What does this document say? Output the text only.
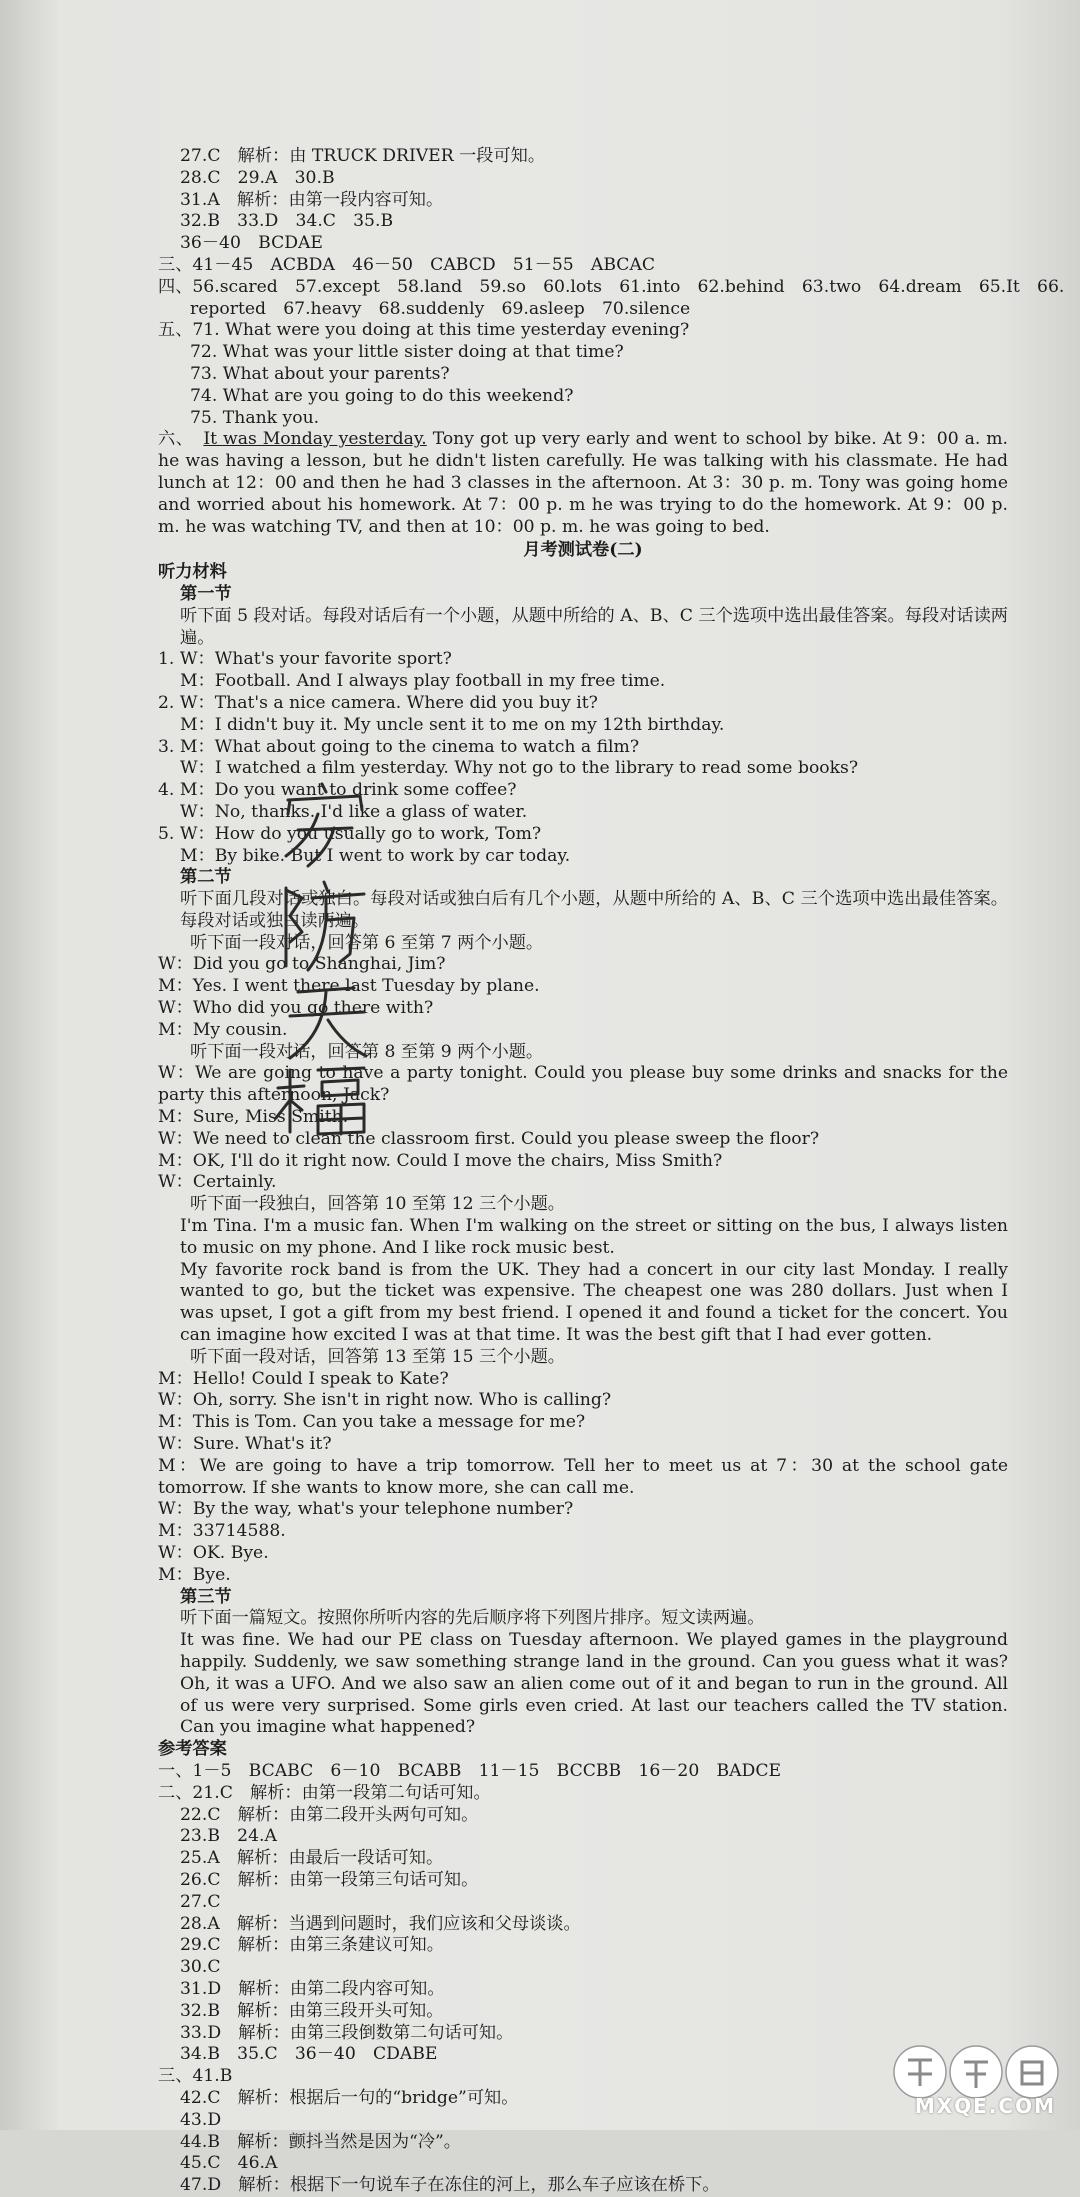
27.C　解析：由 TRUCK DRIVER 一段可知。
28.C　29.A　30.B
31.A　解析：由第一段内容可知。
32.B　33.D　34.C　35.B
36－40　BCDAE
三、41－45　ACBDA　46－50　CABCD　51－55　ABCAC
四、56.scared　57.except　58.land　59.so　60.lots　61.into　62.behind　63.two　64.dream　65.It　66.
reported　67.heavy　68.suddenly　69.asleep　70.silence
五、71. What were you doing at this time yesterday evening?
72. What was your little sister doing at that time?
73. What about your parents?
74. What are you going to do this weekend?
75. Thank you.
六、 It was Monday yesterday. Tony got up very early and went to school by bike. At 9：00 a. m. he was having a lesson, but he didn't listen carefully. He was talking with his classmate. He had lunch at 12：00 and then he had 3 classes in the afternoon. At 3：30 p. m. Tony was going home and worried about his homework. At 7：00 p. m he was trying to do the homework. At 9：00 p. m. he was watching TV, and then at 10：00 p. m. he was going to bed.
月考测试卷(二)
听力材料
第一节
听下面 5 段对话。每段对话后有一个小题，从题中所给的 A、B、C 三个选项中选出最佳答案。每段对话读两遍。
1. W：What's your favorite sport?
M：Football. And I always play football in my free time.
2. W：That's a nice camera. Where did you buy it?
M：I didn't buy it. My uncle sent it to me on my 12th birthday.
3. M：What about going to the cinema to watch a film?
W：I watched a film yesterday. Why not go to the library to read some books?
4. M：Do you want to drink some coffee?
W：No, thanks. I'd like a glass of water.
5. W：How do you usually go to work, Tom?
M：By bike. But I went to work by car today.
第二节
听下面几段对话或独白。每段对话或独白后有几个小题，从题中所给的 A、B、C 三个选项中选出最佳答案。每段对话或独白读两遍。
听下面一段对话，回答第 6 至第 7 两个小题。
W：Did you go to Shanghai, Jim?
M：Yes. I went there last Tuesday by plane.
W：Who did you go there with?
M：My cousin.
听下面一段对话，回答第 8 至第 9 两个小题。
W：We are going to have a party tonight. Could you please buy some drinks and snacks for the party this afternoon, Jack?
M：Sure, Miss Smith.
W：We need to clean the classroom first. Could you please sweep the floor?
M：OK, I'll do it right now. Could I move the chairs, Miss Smith?
W：Certainly.
听下面一段独白，回答第 10 至第 12 三个小题。
I'm Tina. I'm a music fan. When I'm walking on the street or sitting on the bus, I always listen to music on my phone. And I like rock music best.
My favorite rock band is from the UK. They had a concert in our city last Monday. I really wanted to go, but the ticket was expensive. The cheapest one was 280 dollars. Just when I was upset, I got a gift from my best friend. I opened it and found a ticket for the concert. You can imagine how excited I was at that time. It was the best gift that I had ever gotten.
听下面一段对话，回答第 13 至第 15 三个小题。
M：Hello! Could I speak to Kate?
W：Oh, sorry. She isn't in right now. Who is calling?
M：This is Tom. Can you take a message for me?
W：Sure. What's it?
M：We are going to have a trip tomorrow. Tell her to meet us at 7：30 at the school gate tomorrow. If she wants to know more, she can call me.
W：By the way, what's your telephone number?
M：33714588.
W：OK. Bye.
M：Bye.
第三节
听下面一篇短文。按照你所听内容的先后顺序将下列图片排序。短文读两遍。
It was fine. We had our PE class on Tuesday afternoon. We played games in the playground happily. Suddenly, we saw something strange land in the ground. Can you guess what it was? Oh, it was a UFO. And we also saw an alien come out of it and began to run in the ground. All of us were very surprised. Some girls even cried. At last our teachers called the TV station. Can you imagine what happened?
参考答案
一、1－5　BCABC　6－10　BCABB　11－15　BCCBB　16－20　BADCE
二、21.C　解析：由第一段第二句话可知。
22.C　解析：由第二段开头两句可知。
23.B　24.A
25.A　解析：由最后一段话可知。
26.C　解析：由第一段第三句话可知。
27.C
28.A　解析：当遇到问题时，我们应该和父母谈谈。
29.C　解析：由第三条建议可知。
30.C
31.D　解析：由第二段内容可知。
32.B　解析：由第三段开头可知。
33.D　解析：由第三段倒数第二句话可知。
34.B　35.C　36－40　CDABE
三、41.B
42.C　解析：根据后一句的“bridge”可知。
43.D
44.B　解析：颤抖当然是因为“冷”。
45.C　46.A
47.D　解析：根据下一句说车子在冻住的河上，那么车子应该在桥下。
MXQE.COM
